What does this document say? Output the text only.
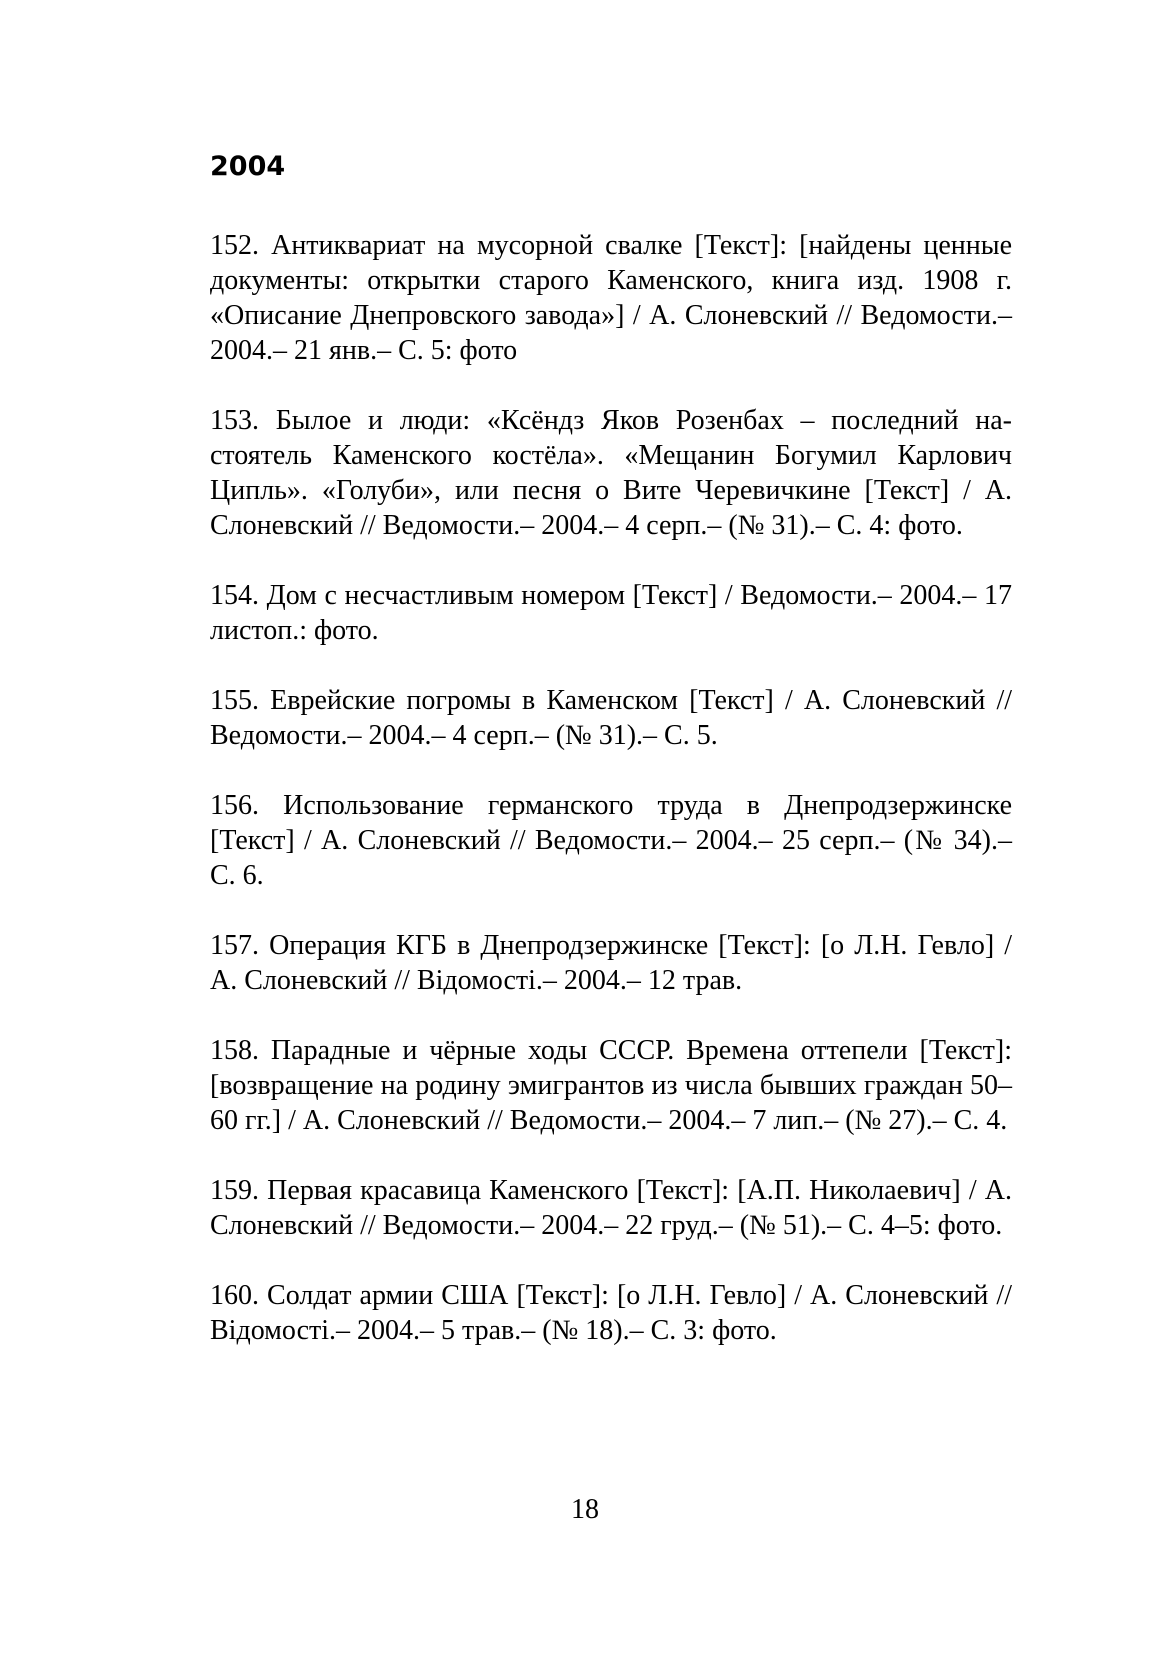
2004

152. Антиквариат на мусорной свалке [Текст]: [найдены ценные документы: открытки старого Каменского, книга изд. 1908 г. «Описание Днепровского завода»] / А. Слоневский // Ведомости.– 2004.– 21 янв.– С. 5: фото

153. Былое и люди: «Ксёндз Яков Розенбах – последний настоятель Каменского костёла». «Мещанин Богумил Карлович Ципль». «Голуби», или песня о Вите Черевичкине [Текст] / А. Слоневский // Ведомости.– 2004.– 4 серп.– (№ 31).– С. 4: фото.

154. Дом с несчастливым номером [Текст] / Ведомости.– 2004.– 17 листоп.: фото.

155. Еврейские погромы в Каменском [Текст] / А. Слоневский // Ведомости.– 2004.– 4 серп.– (№ 31).– С. 5.

156. Использование германского труда в Днепродзержинске [Текст] / А. Слоневский // Ведомости.– 2004.– 25 серп.– (№ 34).– С. 6.

157. Операция КГБ в Днепродзержинске [Текст]: [о Л.Н. Гевло] / А. Слоневский // Відомості.– 2004.– 12 трав.

158. Парадные и чёрные ходы СССР. Времена оттепели [Текст]: [возвращение на родину эмигрантов из числа бывших граждан 50–60 гг.] / А. Слоневский // Ведомости.– 2004.– 7 лип.– (№ 27).– С. 4.

159. Первая красавица Каменского [Текст]: [А.П. Николаевич] / А. Слоневский // Ведомости.– 2004.– 22 груд.– (№ 51).– С. 4–5: фото.

160. Солдат армии США [Текст]: [о Л.Н. Гевло] / А. Слоневский // Відомості.– 2004.– 5 трав.– (№ 18).– С. 3: фото.

18
